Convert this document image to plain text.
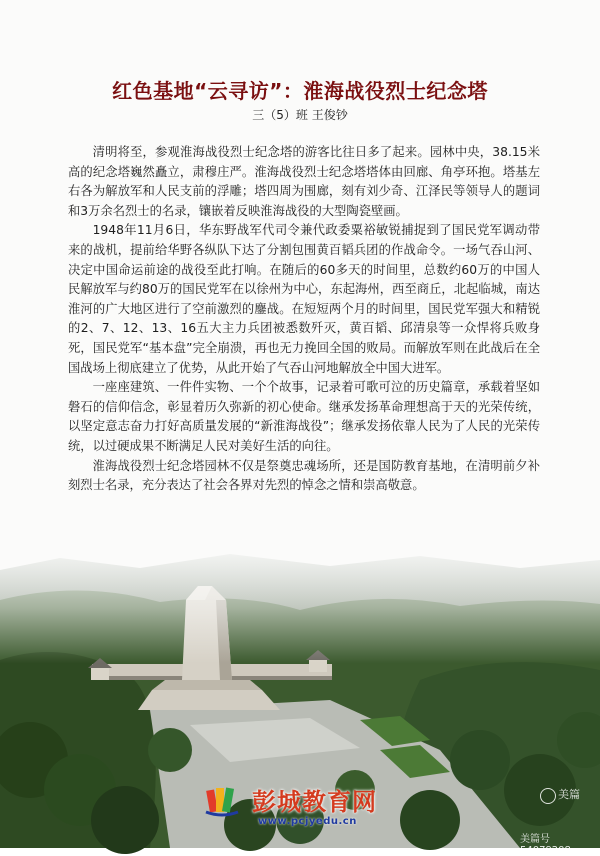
红色基地“云寻访”：淮海战役烈士纪念塔
三（5）班 王俊钞

清明将至，参观淮海战役烈士纪念塔的游客比往日多了起来。园林中央，38.15米高的纪念塔巍然矗立，肃穆庄严。淮海战役烈士纪念塔塔体由回廊、角亭环抱。塔基左右各为解放军和人民支前的浮雕；塔四周为围廊，刻有刘少奇、江泽民等领导人的题词和3万余名烈士的名录，镶嵌着反映淮海战役的大型陶瓷壁画。

1948年11月6日，华东野战军代司令兼代政委粟裕敏锐捕捉到了国民党军调动带来的战机，提前给华野各纵队下达了分割包围黄百韬兵团的作战命令。一场气吞山河、决定中国命运前途的战役至此打响。在随后的60多天的时间里，总数约60万的中国人民解放军与约80万的国民党军在以徐州为中心，东起海州，西至商丘，北起临城，南达淮河的广大地区进行了空前激烈的鏖战。在短短两个月的时间里，国民党军强大和精锐的2、7、12、13、16五大主力兵团被悉数歼灭，黄百韬、邱清泉等一众悍将兵败身死，国民党军“基本盘”完全崩溃，再也无力挽回全国的败局。而解放军则在此战后在全国战场上彻底建立了优势，从此开始了气吞山河地解放全中国大进军。

一座座建筑、一件件实物、一个个故事，记录着可歌可泣的历史篇章，承载着坚如磐石的信仰信念，彰显着历久弥新的初心使命。继承发扬革命理想高于天的光荣传统，以坚定意志奋力打好高质量发展的“新淮海战役”；继承发扬依靠人民为了人民的光荣传统，以过硬成果不断满足人民对美好生活的向往。

淮海战役烈士纪念塔园林不仅是祭奠忠魂场所，还是国防教育基地，在清明前夕补刻烈士名录，充分表达了社会各界对先烈的悼念之情和崇高敬意。

彭城教育网
www.pcjyedu.cn
美篇
美篇号 54079208
